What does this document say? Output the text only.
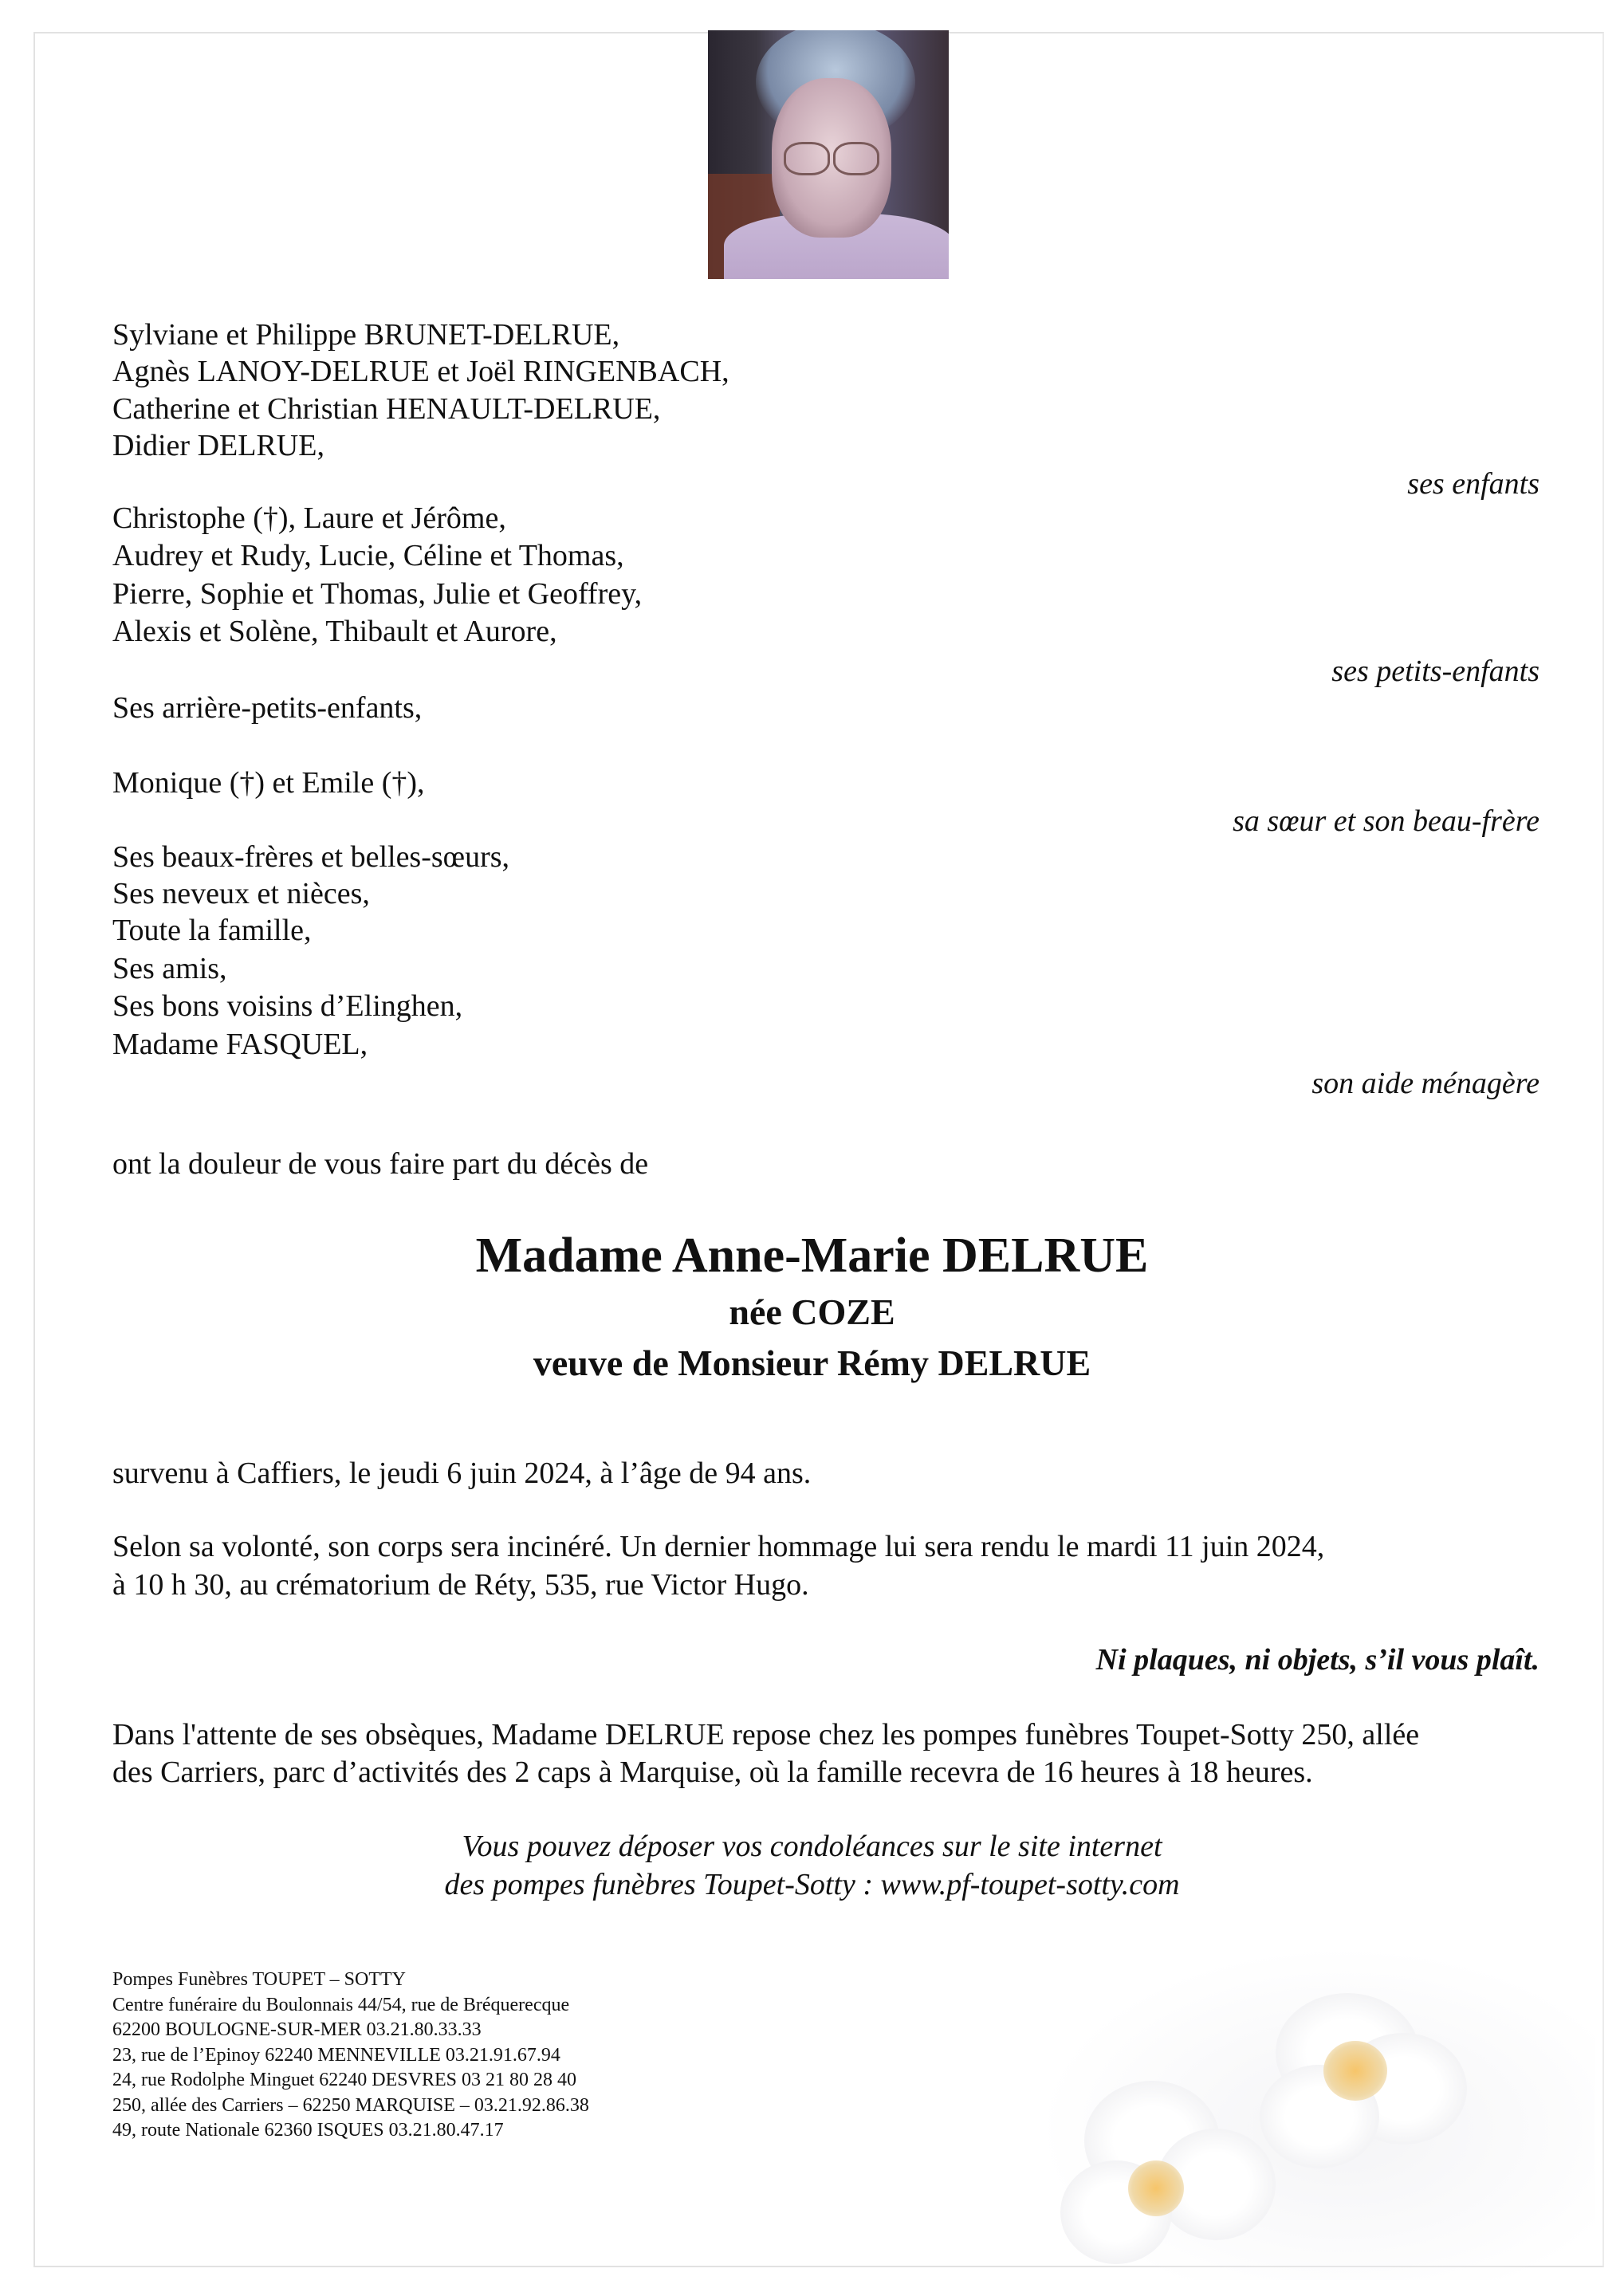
Sylviane et Philippe BRUNET-DELRUE,
Agnès LANOY-DELRUE et Joël RINGENBACH,
Catherine et Christian HENAULT-DELRUE,
Didier DELRUE,
ses enfants
Christophe (†), Laure et Jérôme,
Audrey et Rudy, Lucie, Céline et Thomas,
Pierre, Sophie et Thomas, Julie et Geoffrey,
Alexis et Solène, Thibault et Aurore,
ses petits-enfants
Ses arrière-petits-enfants,
Monique (†) et Emile (†),
sa sœur et son beau-frère
Ses beaux-frères et belles-sœurs,
Ses neveux et nièces,
Toute la famille,
Ses amis,
Ses bons voisins d’Elinghen,
Madame FASQUEL,
son aide ménagère
ont la douleur de vous faire part du décès de
Madame Anne-Marie DELRUE
née COZE
veuve de Monsieur Rémy DELRUE
survenu à Caffiers, le jeudi 6 juin 2024, à l’âge de 94 ans.
Selon sa volonté, son corps sera incinéré. Un dernier hommage lui sera rendu le mardi 11 juin 2024,
à 10 h 30, au crématorium de Réty, 535, rue Victor Hugo.
Ni plaques, ni objets, s’il vous plaît.
Dans l'attente de ses obsèques, Madame DELRUE repose chez les pompes funèbres Toupet-Sotty 250, allée
des Carriers, parc d’activités des 2 caps à Marquise, où la famille recevra de 16 heures à 18 heures.
Vous pouvez déposer vos condoléances sur le site internet
des pompes funèbres Toupet-Sotty : www.pf-toupet-sotty.com
Pompes Funèbres TOUPET – SOTTY
Centre funéraire du Boulonnais 44/54, rue de Bréquerecque
62200 BOULOGNE-SUR-MER 03.21.80.33.33
23, rue de l’Epinoy 62240 MENNEVILLE 03.21.91.67.94
24, rue Rodolphe Minguet 62240 DESVRES 03 21 80 28 40
250, allée des Carriers – 62250 MARQUISE – 03.21.92.86.38
49, route Nationale 62360 ISQUES 03.21.80.47.17
